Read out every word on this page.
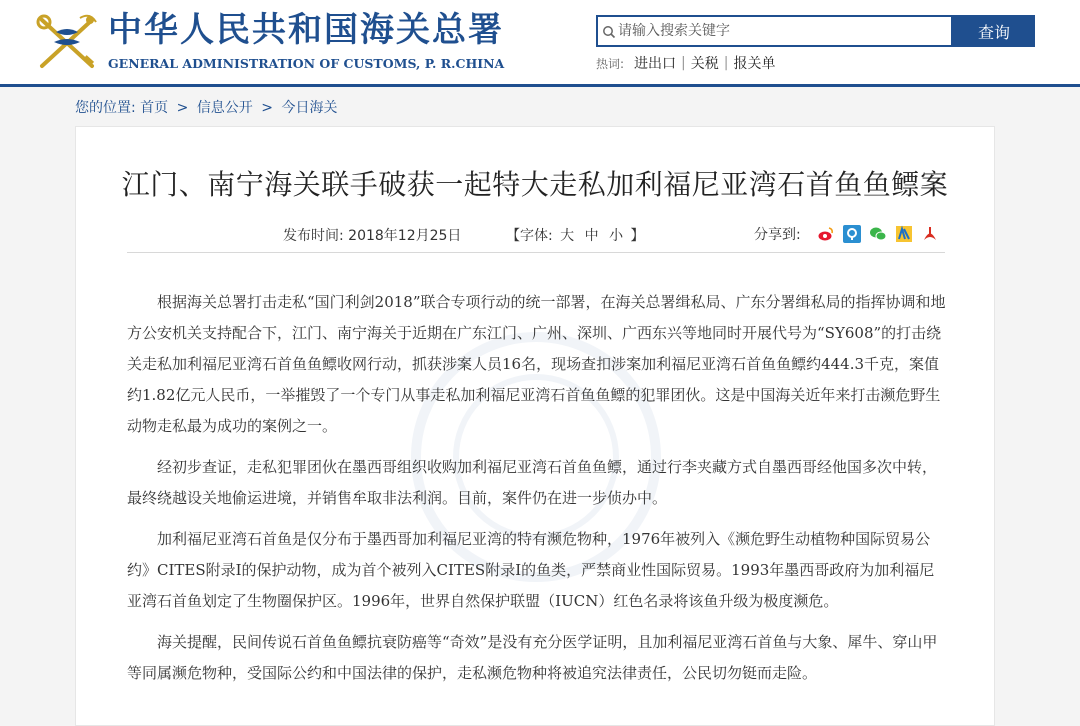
中华人民共和国海关总署
GENERAL ADMINISTRATION OF CUSTOMS, P. R.CHINA
请输入搜索关键字
查询
热词: 进出口 | 关税 | 报关单
您的位置: 首页 > 信息公开 > 今日海关
江门、南宁海关联手破获一起特大走私加利福尼亚湾石首鱼鱼鳔案
发布时间: 2018年12月25日	【字体: 大 中 小 】	分享到:

根据海关总署打击走私“国门利剑2018”联合专项行动的统一部署，在海关总署缉私局、广东分署缉私局的指挥协调和地方公安机关支持配合下，江门、南宁海关于近期在广东江门、广州、深圳、广西东兴等地同时开展代号为“SY608”的打击绕关走私加利福尼亚湾石首鱼鱼鳔收网行动，抓获涉案人员16名，现场查扣涉案加利福尼亚湾石首鱼鱼鳔约444.3千克，案值约1.82亿元人民币，一举摧毁了一个专门从事走私加利福尼亚湾石首鱼鱼鳔的犯罪团伙。这是中国海关近年来打击濒危野生动物走私最为成功的案例之一。

经初步查证，走私犯罪团伙在墨西哥组织收购加利福尼亚湾石首鱼鱼鳔，通过行李夹藏方式自墨西哥经他国多次中转，最终绕越设关地偷运进境，并销售牟取非法利润。目前，案件仍在进一步侦办中。

加利福尼亚湾石首鱼是仅分布于墨西哥加利福尼亚湾的特有濒危物种，1976年被列入《濒危野生动植物种国际贸易公约》CITES附录I的保护动物，成为首个被列入CITES附录Ⅰ的鱼类，严禁商业性国际贸易。1993年墨西哥政府为加利福尼亚湾石首鱼划定了生物圈保护区。1996年，世界自然保护联盟（IUCN）红色名录将该鱼升级为极度濒危。

海关提醒，民间传说石首鱼鱼鳔抗衰防癌等“奇效”是没有充分医学证明，且加利福尼亚湾石首鱼与大象、犀牛、穿山甲等同属濒危物种，受国际公约和中国法律的保护，走私濒危物种将被追究法律责任，公民切勿铤而走险。
